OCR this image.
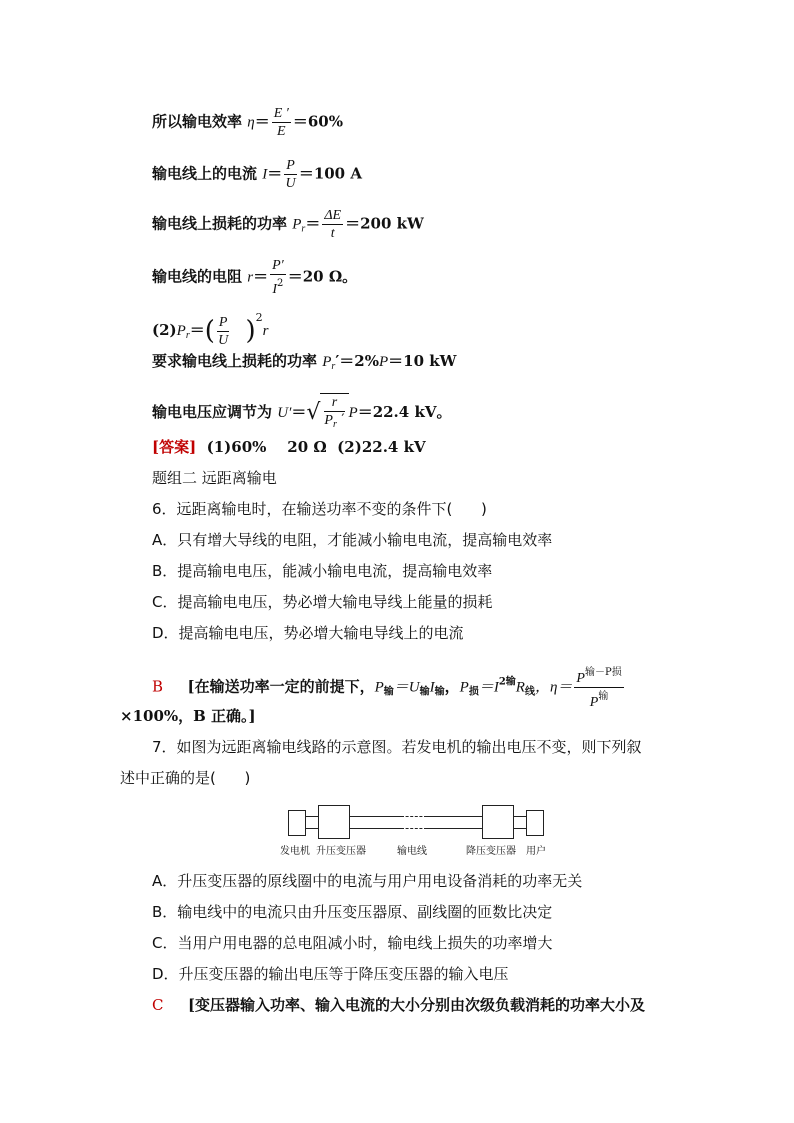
所以输电效率 $\eta= \frac{E '}{E} =60\%$
输电线上的电流 $I= \frac{P}{U} =100$ A
输电线上损耗的功率 $P_r= \frac{\Delta E}{t} =200$ kW
输电线的电阻 $r= \frac{P'}{I^2} =20$ Ω。
$(2)P_r=( \frac{P}{U} )^2r$
要求输电线上损耗的功率 $P_r'=2\%P=10$ kW
输电电压应调节为 $U'=√ \frac{r}{P_r '} P=22.4$ kV。
[答案]  (1)60%    20 Ω  (2)22.4 kV
题组二 远距离输电
6．远距离输电时，在输送功率不变的条件下(      )
A．只有增大导线的电阻，才能减小输电电流，提高输电效率
B．提高输电电压，能减小输电电流，提高输电效率
C．提高输电电压，势必增大输电导线上能量的损耗
D．提高输电电压，势必增大输电导线上的电流
B [在输送功率一定的前提下，$P_输=U_输I_输$，$P_损=I^{2输}R_线$，$\eta= \frac{P^{输-P损}}{P^输}$
×100%，B 正确。]
7．如图为远距离输电线路的示意图。若发电机的输出电压不变，则下列叙
述中正确的是(      )
发电机 升压变压器	输电线	降压变压器 用户
A．升压变压器的原线圈中的电流与用户用电设备消耗的功率无关
B．输电线中的电流只由升压变压器原、副线圈的匝数比决定
C．当用户用电器的总电阻减小时，输电线上损失的功率增大
D．升压变压器的输出电压等于降压变压器的输入电压
C [变压器输入功率、输入电流的大小分别由次级负载消耗的功率大小及
